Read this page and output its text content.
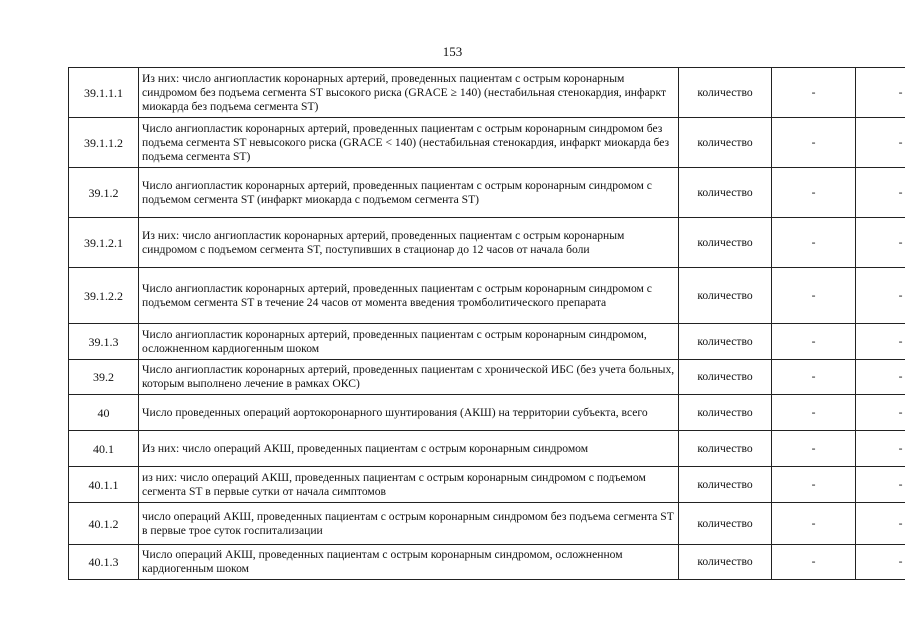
153
39.1.1.1	Из них: число ангиопластик коронарных артерий, проведенных пациентам с острым коронарным синдромом без подъема сегмента ST высокого риска (GRACE ≥ 140) (нестабильная стенокардия, инфаркт миокарда без подъема сегмента ST)	количество	-	-
39.1.1.2	Число ангиопластик коронарных артерий, проведенных пациентам с острым коронарным синдромом без подъема сегмента ST невысокого риска (GRACE < 140) (нестабильная стенокардия, инфаркт миокарда без подъема сегмента ST)	количество	-	-
39.1.2	Число ангиопластик коронарных артерий, проведенных пациентам с острым коронарным синдромом с подъемом сегмента ST (инфаркт миокарда с подъемом сегмента ST)	количество	-	-
39.1.2.1	Из них: число ангиопластик коронарных артерий, проведенных пациентам с острым коронарным синдромом с подъемом сегмента ST, поступивших в стационар до 12 часов от начала боли	количество	-	-
39.1.2.2	Число ангиопластик коронарных артерий, проведенных пациентам с острым коронарным синдромом с подъемом сегмента ST в течение 24 часов от момента введения тромболитического препарата	количество	-	-
39.1.3	Число ангиопластик коронарных артерий, проведенных пациентам с острым коронарным синдромом, осложненном кардиогенным шоком	количество	-	-
39.2	Число ангиопластик коронарных артерий, проведенных пациентам с хронической ИБС (без учета больных, которым выполнено лечение в рамках ОКС)	количество	-	-
40	Число проведенных операций аортокоронарного шунтирования (АКШ) на территории субъекта, всего	количество	-	-
40.1	Из них: число операций АКШ, проведенных пациентам с острым коронарным синдромом	количество	-	-
40.1.1	из них: число операций АКШ, проведенных пациентам с острым коронарным синдромом с подъемом сегмента ST в первые сутки от начала симптомов	количество	-	-
40.1.2	число операций АКШ, проведенных пациентам с острым коронарным синдромом без подъема сегмента ST в первые трое суток госпитализации	количество	-	-
40.1.3	Число операций АКШ, проведенных пациентам с острым коронарным синдромом, осложненном кардиогенным шоком	количество	-	-
